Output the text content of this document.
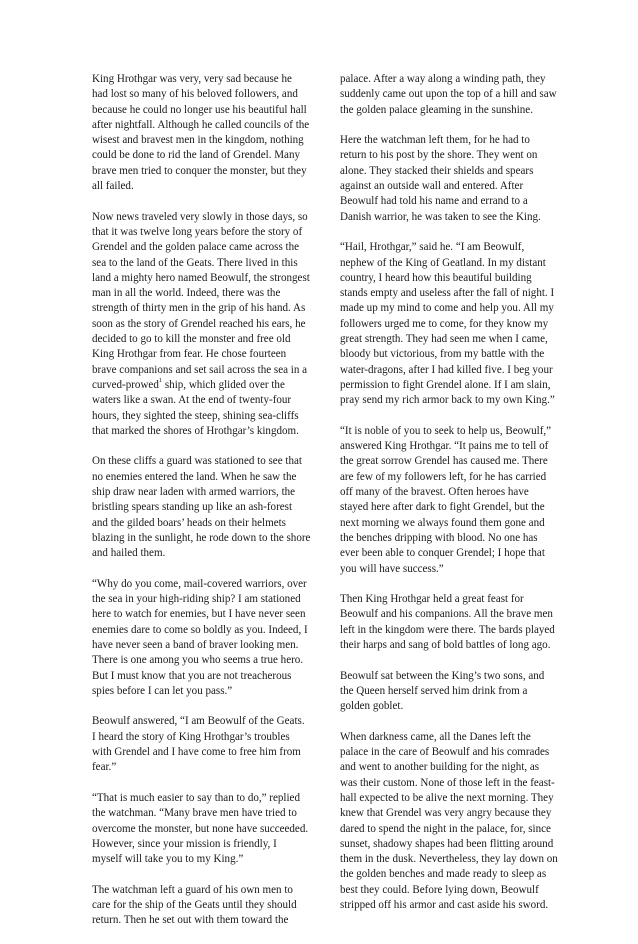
King Hrothgar was very, very sad because he
had lost so many of his beloved followers, and
because he could no longer use his beautiful hall
after nightfall. Although he called councils of the
wisest and bravest men in the kingdom, nothing
could be done to rid the land of Grendel. Many
brave men tried to conquer the monster, but they
all failed.

Now news traveled very slowly in those days, so
that it was twelve long years before the story of
Grendel and the golden palace came across the
sea to the land of the Geats. There lived in this
land a mighty hero named Beowulf, the strongest
man in all the world. Indeed, there was the
strength of thirty men in the grip of his hand. As
soon as the story of Grendel reached his ears, he
decided to go to kill the monster and free old
King Hrothgar from fear. He chose fourteen
brave companions and set sail across the sea in a
curved-prowed$^1$ ship, which glided over the
waters like a swan. At the end of twenty-four
hours, they sighted the steep, shining sea-cliffs
that marked the shores of Hrothgar’s kingdom.

On these cliffs a guard was stationed to see that
no enemies entered the land. When he saw the
ship draw near laden with armed warriors, the
bristling spears standing up like an ash-forest
and the gilded boars’ heads on their helmets
blazing in the sunlight, he rode down to the shore
and hailed them.

“Why do you come, mail-covered warriors, over
the sea in your high-riding ship? I am stationed
here to watch for enemies, but I have never seen
enemies dare to come so boldly as you. Indeed, I
have never seen a band of braver looking men.
There is one among you who seems a true hero.
But I must know that you are not treacherous
spies before I can let you pass.”

Beowulf answered, “I am Beowulf of the Geats.
I heard the story of King Hrothgar’s troubles
with Grendel and I have come to free him from
fear.”

“That is much easier to say than to do,” replied
the watchman. “Many brave men have tried to
overcome the monster, but none have succeeded.
However, since your mission is friendly, I
myself will take you to my King.”

The watchman left a guard of his own men to
care for the ship of the Geats until they should
return. Then he set out with them toward the

palace. After a way along a winding path, they
suddenly came out upon the top of a hill and saw
the golden palace gleaming in the sunshine.

Here the watchman left them, for he had to
return to his post by the shore. They went on
alone. They stacked their shields and spears
against an outside wall and entered. After
Beowulf had told his name and errand to a
Danish warrior, he was taken to see the King.

“Hail, Hrothgar,” said he. “I am Beowulf,
nephew of the King of Geatland. In my distant
country, I heard how this beautiful building
stands empty and useless after the fall of night. I
made up my mind to come and help you. All my
followers urged me to come, for they know my
great strength. They had seen me when I came,
bloody but victorious, from my battle with the
water-dragons, after I had killed five. I beg your
permission to fight Grendel alone. If I am slain,
pray send my rich armor back to my own King.”

“It is noble of you to seek to help us, Beowulf,”
answered King Hrothgar. “It pains me to tell of
the great sorrow Grendel has caused me. There
are few of my followers left, for he has carried
off many of the bravest. Often heroes have
stayed here after dark to fight Grendel, but the
next morning we always found them gone and
the benches dripping with blood. No one has
ever been able to conquer Grendel; I hope that
you will have success.”

Then King Hrothgar held a great feast for
Beowulf and his companions. All the brave men
left in the kingdom were there. The bards played
their harps and sang of bold battles of long ago.

Beowulf sat between the King’s two sons, and
the Queen herself served him drink from a
golden goblet.

When darkness came, all the Danes left the
palace in the care of Beowulf and his comrades
and went to another building for the night, as
was their custom. None of those left in the feast-
hall expected to be alive the next morning. They
knew that Grendel was very angry because they
dared to spend the night in the palace, for, since
sunset, shadowy shapes had been flitting around
them in the dusk. Nevertheless, they lay down on
the golden benches and made ready to sleep as
best they could. Before lying down, Beowulf
stripped off his armor and cast aside his sword.
